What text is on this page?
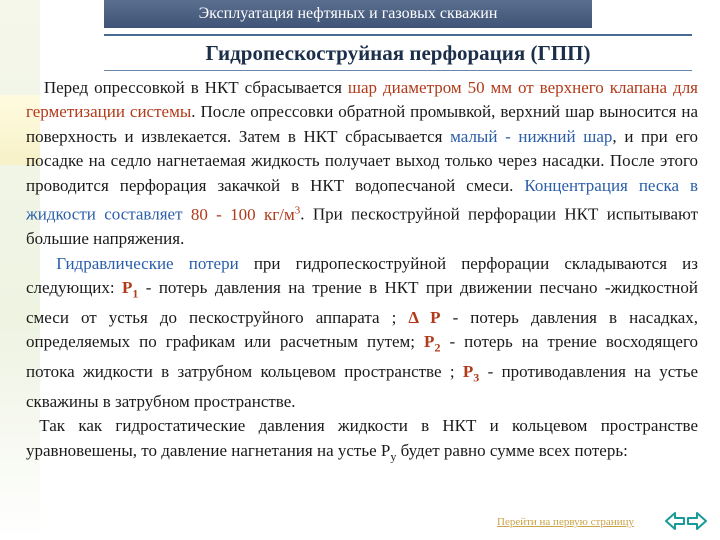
Эксплуатация нефтяных и газовых скважин
Гидропескоструйная перфорация (ГПП)

Перед опрессовкой в НКТ сбрасывается шар диаметром 50 мм от верхнего клапана для герметизации системы. После опрессовки обратной промывкой, верхний шар выносится на поверхность и извлекается. Затем в НКТ сбрасывается малый - нижний шар, и при его посадке на седло нагнетаемая жидкость получает выход только через насадки. После этого проводится перфорация закачкой в НКТ водопесчаной смеси. Концентрация песка в жидкости составляет 80 - 100 $кг/м^3$. При пескоструйной перфорации НКТ испытывают большие напряжения.

Гидравлические потери при гидропескоструйной перфорации складываются из следующих: $Р_1$ - потерь давления на трение в НКТ при движении песчано -жидкостной смеси от устья до пескоструйного аппарата ; Δ Р - потерь давления в насадках, определяемых по графикам или расчетным путем; $Р_2$ - потерь на трение восходящего потока жидкости в затрубном кольцевом пространстве ; $Р_3$ - противодавления на устье скважины в затрубном пространстве.

Так как гидростатические давления жидкости в НКТ и кольцевом пространстве уравновешены, то давление нагнетания на устье $Р_у$ будет равно сумме всех потерь:

Перейти на первую страницу
